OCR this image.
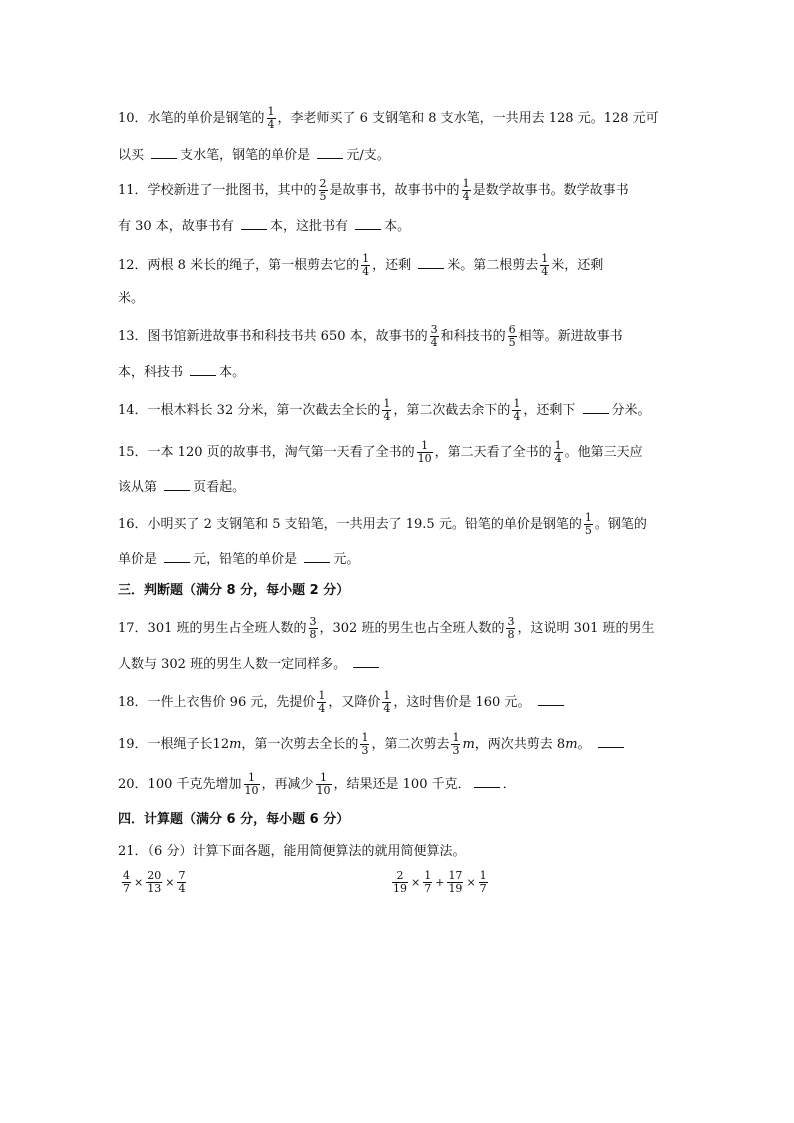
10．水笔的单价是钢笔的 $\frac{1}{4}$ ，李老师买了 6 支钢笔和 8 支水笔，一共用去 128 元。128 元可
以买	支水笔，钢笔的单价是	元/支。
11．学校新进了一批图书，其中的 $\frac{2}{5}$ 是故事书，故事书中的 $\frac{1}{4}$ 是数学故事书。数学故事书
有 30 本，故事书有	本，这批书有	本。
12．两根 8 米长的绳子，第一根剪去它的 $\frac{1}{4}$ ，还剩	米。第二根剪去 $\frac{1}{4}$ 米，还剩
米。
13．图书馆新进故事书和科技书共 650 本，故事书的 $\frac{3}{4}$ 和科技书的 $\frac{6}{5}$ 相等。新进故事书
本，科技书	本。
14．一根木料长 32 分米，第一次截去全长的 $\frac{1}{4}$ ，第二次截去余下的 $\frac{1}{4}$ ，还剩下	分米。
15．一本 120 页的故事书，淘气第一天看了全书的 $\frac{1}{10}$ ，第二天看了全书的 $\frac{1}{4}$ 。他第三天应
该从第	页看起。
16．小明买了 2 支钢笔和 5 支铅笔，一共用去了 19.5 元。铅笔的单价是钢笔的 $\frac{1}{5}$ 。钢笔的
单价是	元，铅笔的单价是	元。
三．判断题（满分 8 分，每小题 2 分）
17．301 班的男生占全班人数的 $\frac{3}{8}$ ，302 班的男生也占全班人数的 $\frac{3}{8}$ ，这说明 301 班的男生
人数与 302 班的男生人数一定同样多。
18．一件上衣售价 96 元，先提价 $\frac{1}{4}$ ，又降价 $\frac{1}{4}$ ，这时售价是 160 元。
19．一根绳子长12m，第一次剪去全长的 $\frac{1}{3}$ ，第二次剪去 $\frac{1}{3}$ m，两次共剪去 8m。
20．100 千克先增加 $\frac{1}{10}$ ，再减少 $\frac{1}{10}$ ，结果还是 100 千克． ．
四．计算题（满分 6 分，每小题 6 分）
21．（6 分）计算下面各题，能用简便算法的就用简便算法。
$\frac{4}{7} \times \frac{20}{13} \times \frac{7}{4}$	$\frac{2}{19} \times \frac{1}{7} + \frac{17}{19} \times \frac{1}{7}$
